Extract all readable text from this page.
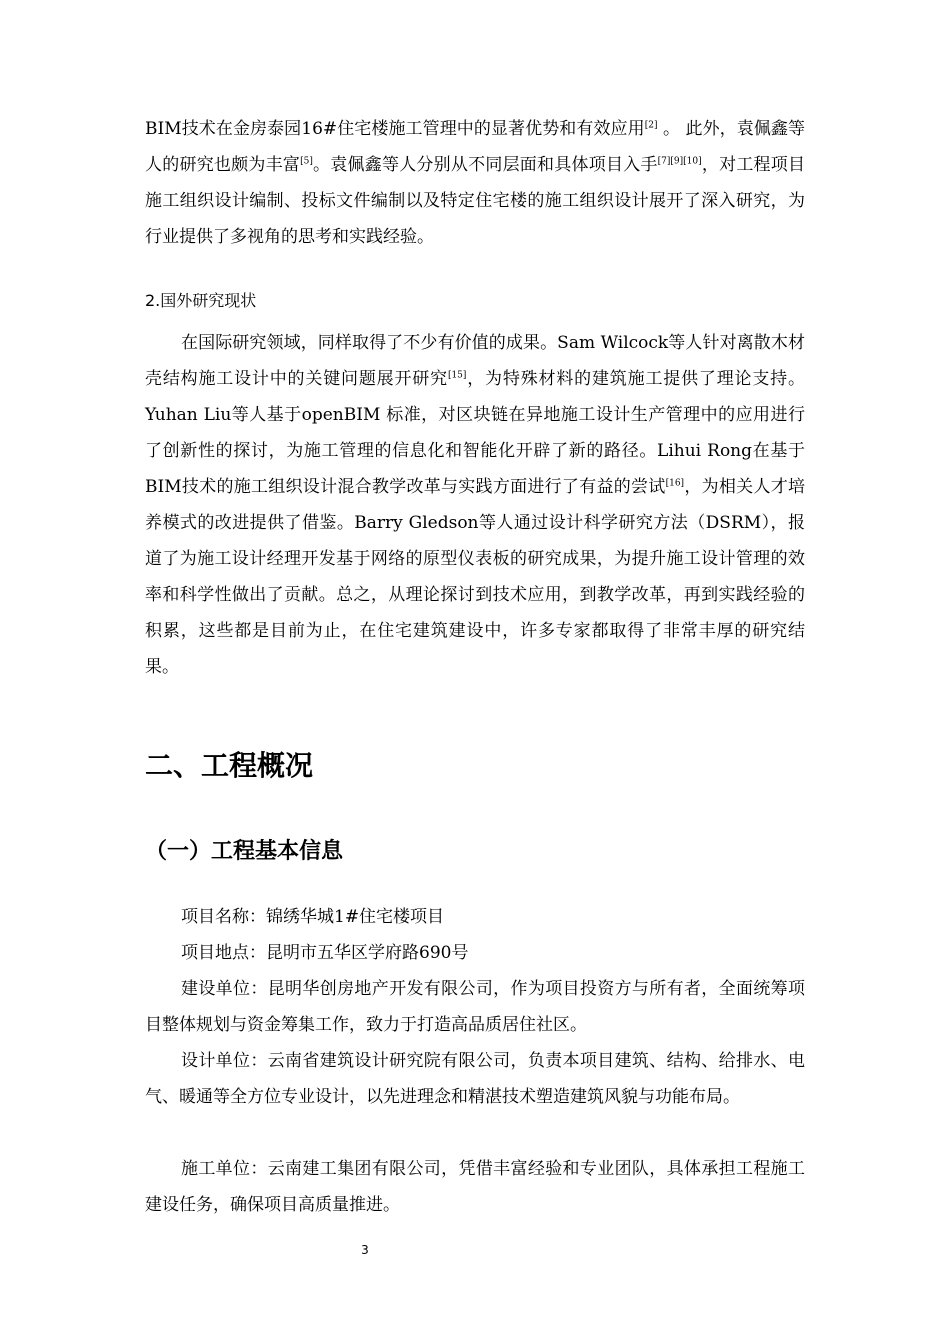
BIM技术在金房泰园16#住宅楼施工管理中的显著优势和有效应用[2] 。 此外，袁佩鑫等人的研究也颇为丰富[5]。袁佩鑫等人分别从不同层面和具体项目入手[7][9][10]，对工程项目施工组织设计编制、投标文件编制以及特定住宅楼的施工组织设计展开了深入研究，为行业提供了多视角的思考和实践经验。

2.国外研究现状

在国际研究领域，同样取得了不少有价值的成果。Sam Wilcock等人针对离散木材壳结构施工设计中的关键问题展开研究[15]，为特殊材料的建筑施工提供了理论支持。Yuhan Liu等人基于openBIM 标准，对区块链在异地施工设计生产管理中的应用进行了创新性的探讨，为施工管理的信息化和智能化开辟了新的路径。Lihui Rong在基于BIM技术的施工组织设计混合教学改革与实践方面进行了有益的尝试[16]，为相关人才培养模式的改进提供了借鉴。Barry Gledson等人通过设计科学研究方法（DSRM），报道了为施工设计经理开发基于网络的原型仪表板的研究成果，为提升施工设计管理的效率和科学性做出了贡献。总之，从理论探讨到技术应用，到教学改革，再到实践经验的积累，这些都是目前为止，在住宅建筑建设中，许多专家都取得了非常丰厚的研究结果。

二、工程概况
（一）工程基本信息

项目名称：锦绣华城1#住宅楼项目

项目地点：昆明市五华区学府路690号

建设单位：昆明华创房地产开发有限公司，作为项目投资方与所有者，全面统筹项目整体规划与资金筹集工作，致力于打造高品质居住社区。

设计单位：云南省建筑设计研究院有限公司，负责本项目建筑、结构、给排水、电气、暖通等全方位专业设计，以先进理念和精湛技术塑造建筑风貌与功能布局。

施工单位：云南建工集团有限公司，凭借丰富经验和专业团队，具体承担工程施工建设任务，确保项目高质量推进。

3
